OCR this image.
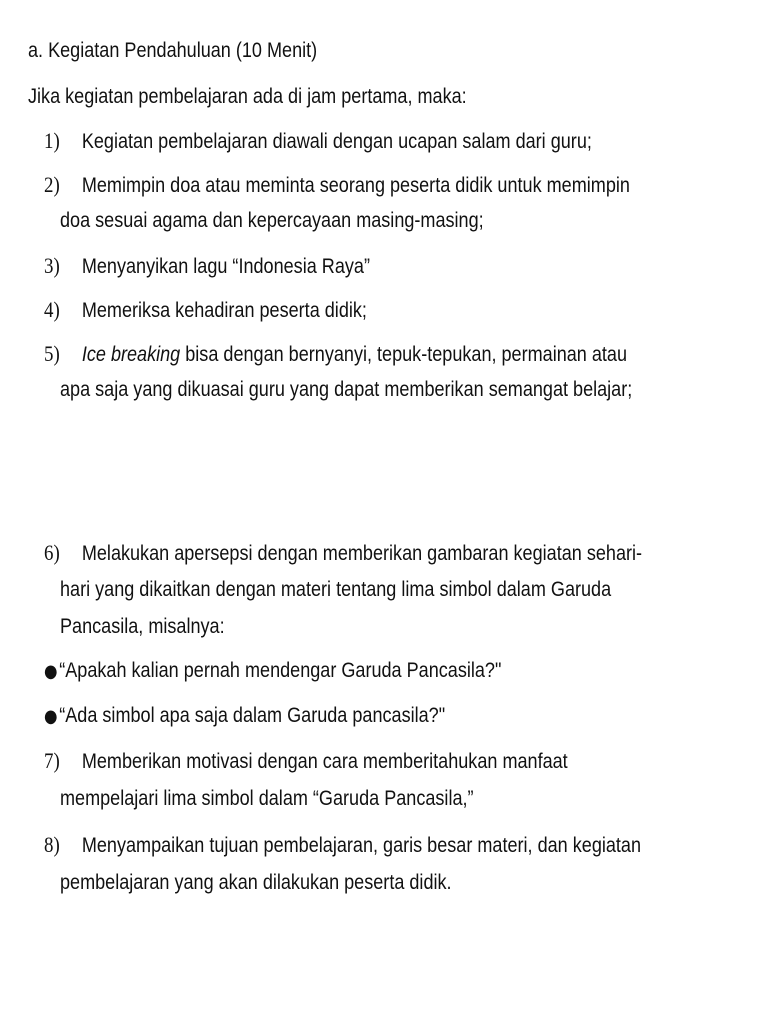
a. Kegiatan Pendahuluan (10 Menit)
Jika kegiatan pembelajaran ada di jam pertama, maka:
1) Kegiatan pembelajaran diawali dengan ucapan salam dari guru;
2) Memimpin doa atau meminta seorang peserta didik untuk memimpin
doa sesuai agama dan kepercayaan masing-masing;
3) Menyanyikan lagu “Indonesia Raya”
4) Memeriksa kehadiran peserta didik;
5) Ice breaking bisa dengan bernyanyi, tepuk-tepukan, permainan atau
apa saja yang dikuasai guru yang dapat memberikan semangat belajar;
6) Melakukan apersepsi dengan memberikan gambaran kegiatan sehari-
hari yang dikaitkan dengan materi tentang lima simbol dalam Garuda
Pancasila, misalnya:
●“Apakah kalian pernah mendengar Garuda Pancasila?"
●“Ada simbol apa saja dalam Garuda pancasila?"
7) Memberikan motivasi dengan cara memberitahukan manfaat
mempelajari lima simbol dalam “Garuda Pancasila,”
8) Menyampaikan tujuan pembelajaran, garis besar materi, dan kegiatan
pembelajaran yang akan dilakukan peserta didik.
